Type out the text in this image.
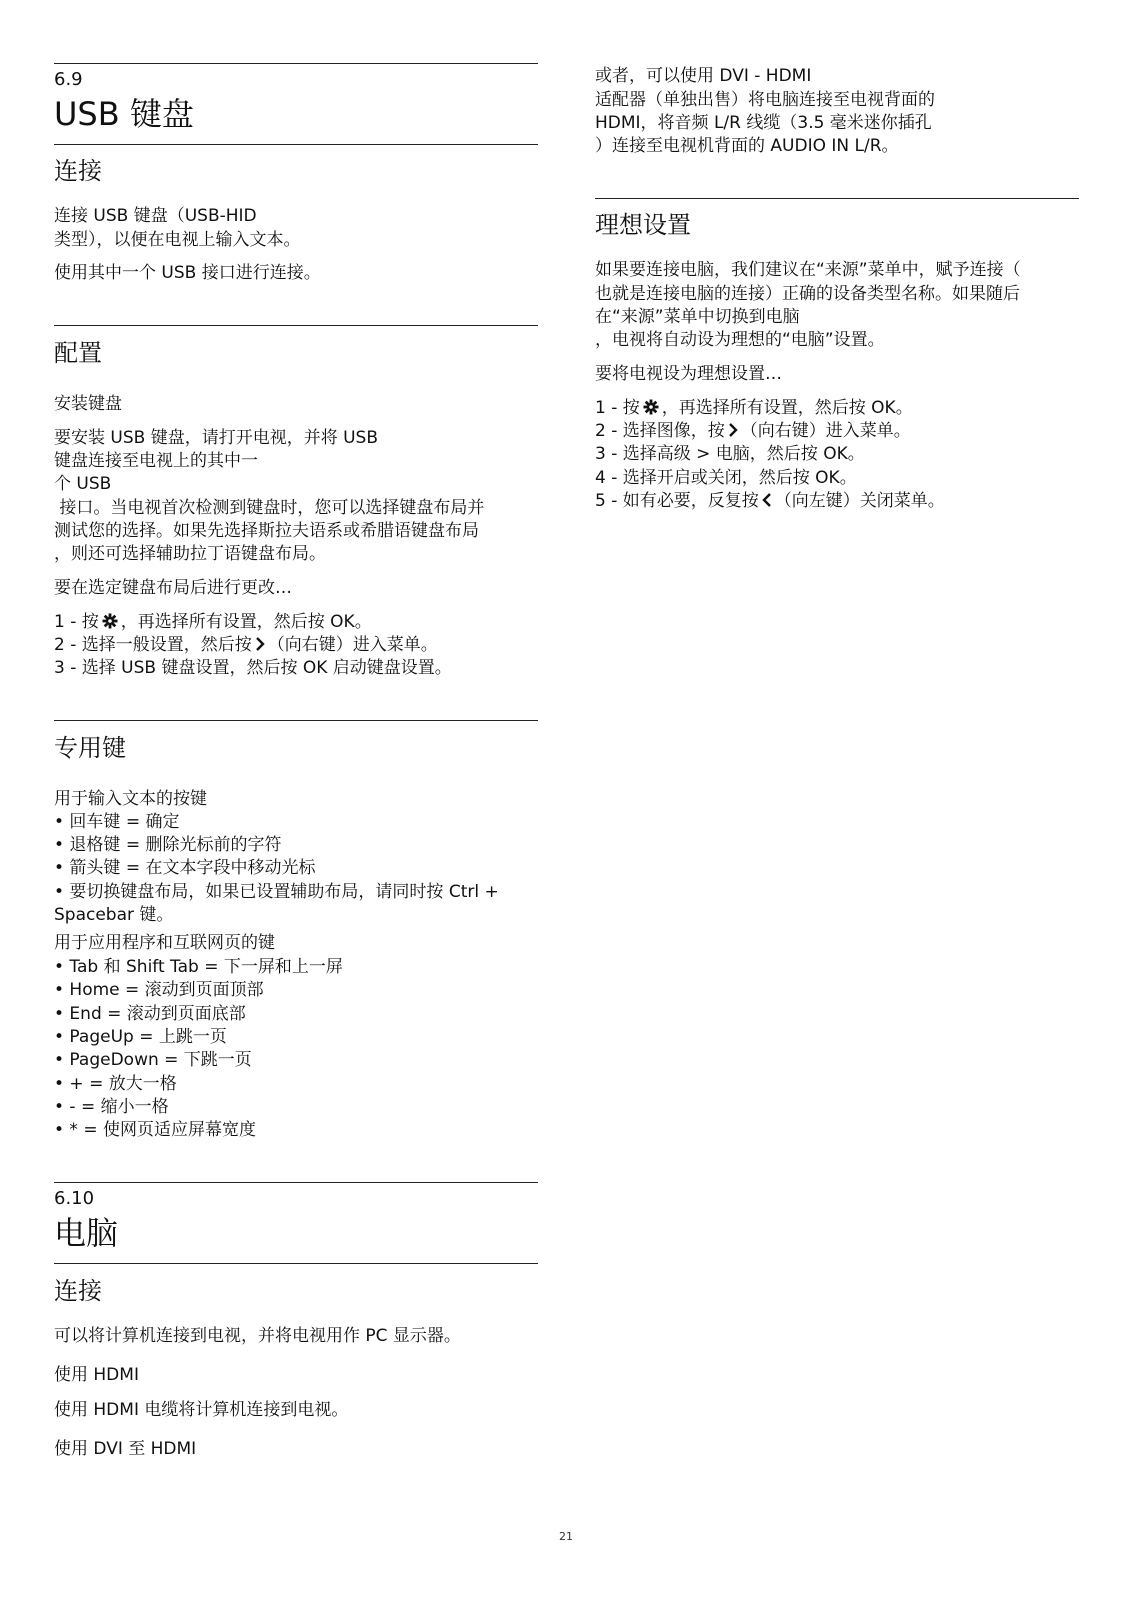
6.9
USB 键盘
连接
连接 USB 键盘（USB-HID
类型），以便在电视上输入文本。
使用其中一个 USB 接口进行连接。
配置
安装键盘
要安装 USB 键盘，请打开电视，并将 USB
键盘连接至电视上的其中一
个 USB
接口。当电视首次检测到键盘时，您可以选择键盘布局并
测试您的选择。如果先选择斯拉夫语系或希腊语键盘布局
，则还可选择辅助拉丁语键盘布局。
要在选定键盘布局后进行更改…
1 - 按 ，再选择所有设置，然后按 OK。
2 - 选择一般设置，然后按 （向右键）进入菜单。
3 - 选择 USB 键盘设置，然后按 OK 启动键盘设置。
专用键
用于输入文本的按键
• 回车键 = 确定
• 退格键 = 删除光标前的字符
• 箭头键 = 在文本字段中移动光标
• 要切换键盘布局，如果已设置辅助布局，请同时按 Ctrl +
Spacebar 键。
用于应用程序和互联网页的键
• Tab 和 Shift Tab = 下一屏和上一屏
• Home = 滚动到页面顶部
• End = 滚动到页面底部
• PageUp = 上跳一页
• PageDown = 下跳一页
• + = 放大一格
• - = 缩小一格
• * = 使网页适应屏幕宽度
6.10
电脑
连接
可以将计算机连接到电视，并将电视用作 PC 显示器。
使用 HDMI
使用 HDMI 电缆将计算机连接到电视。
使用 DVI 至 HDMI
或者，可以使用 DVI - HDMI
适配器（单独出售）将电脑连接至电视背面的
HDMI，将音频 L/R 线缆（3.5 毫米迷你插孔
）连接至电视机背面的 AUDIO IN L/R。
理想设置
如果要连接电脑，我们建议在“来源”菜单中，赋予连接（
也就是连接电脑的连接）正确的设备类型名称。如果随后
在“来源”菜单中切换到电脑
，电视将自动设为理想的“电脑”设置。
要将电视设为理想设置…
1 - 按 ，再选择所有设置，然后按 OK。
2 - 选择图像，按 （向右键）进入菜单。
3 - 选择高级 > 电脑，然后按 OK。
4 - 选择开启或关闭，然后按 OK。
5 - 如有必要，反复按 （向左键）关闭菜单。
21
